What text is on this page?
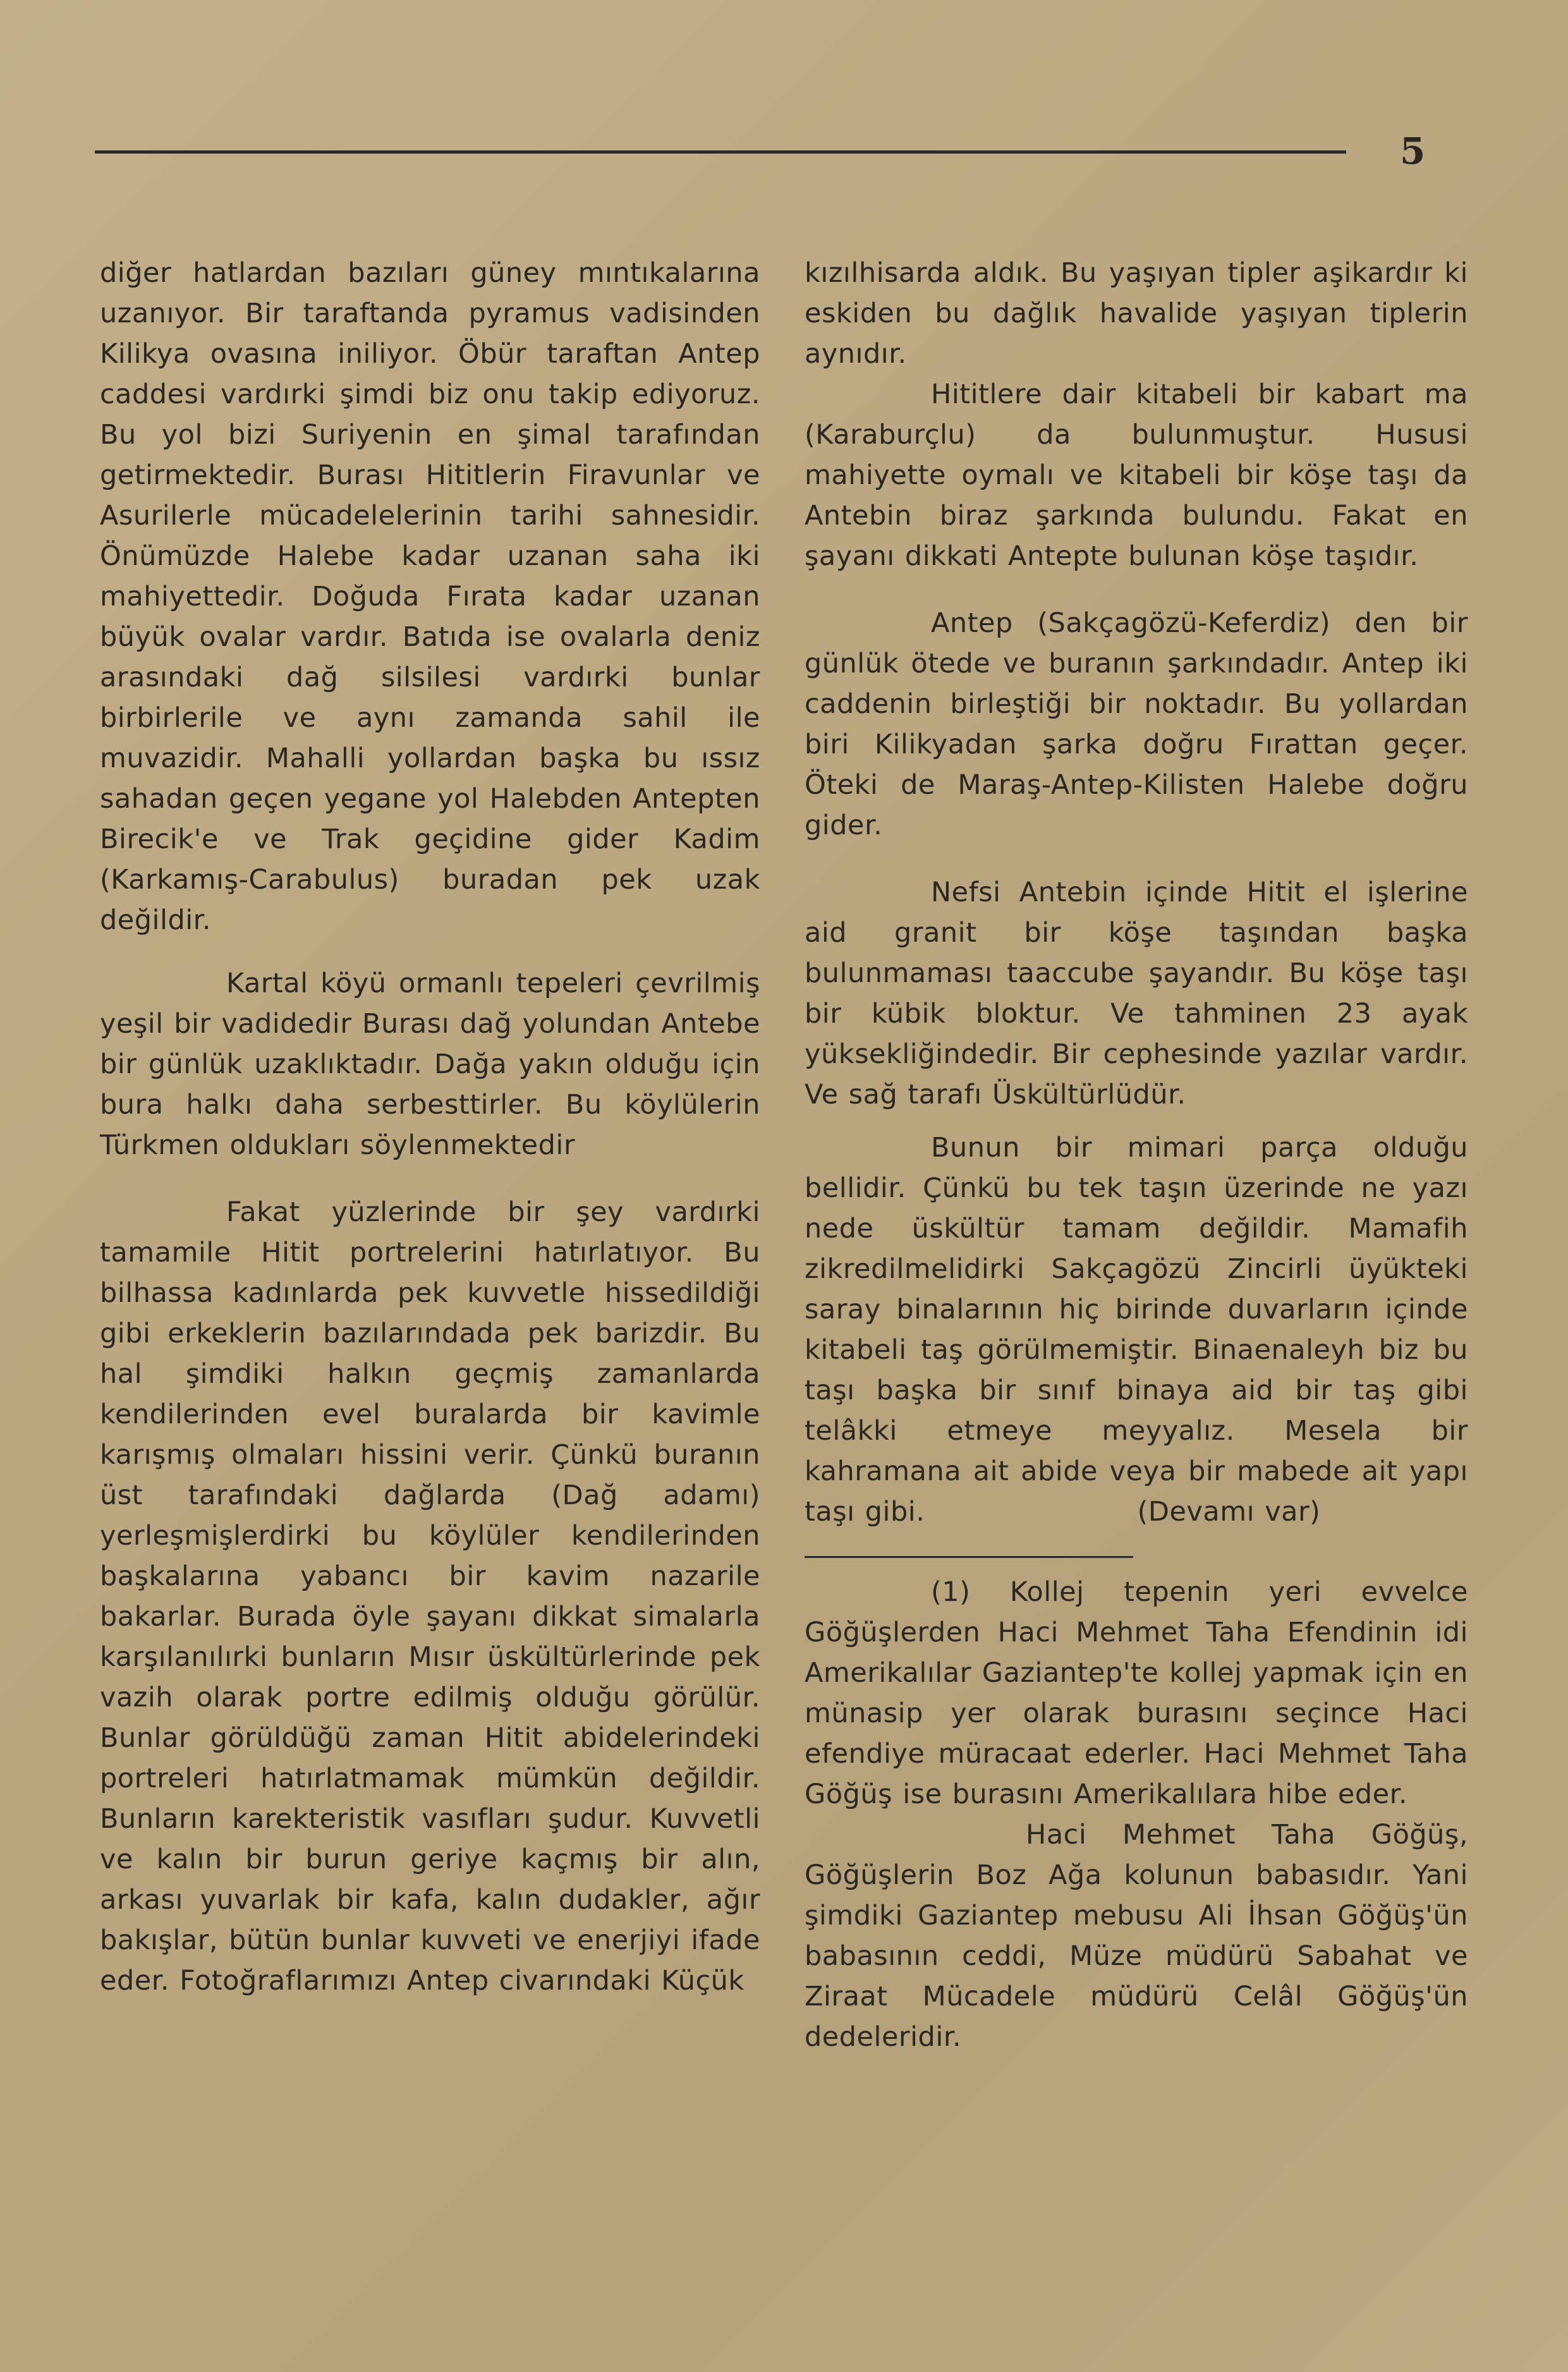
5

diğer hatlardan bazıları güney mıntıkalarına uzanıyor. Bir taraftanda pyramus vadisinden Kilikya ovasına iniliyor. Öbür taraftan Antep caddesi vardırki şimdi biz onu takip ediyoruz. Bu yol bizi Suriyenin en şimal tarafından getirmektedir. Burası Hititlerin Firavunlar ve Asurilerle mücadelelerinin tarihi sahnesidir. Önümüzde Halebe kadar uzanan saha iki mahiyettedir. Doğuda Fırata kadar uzanan büyük ovalar vardır. Batıda ise ovalarla deniz arasındaki dağ silsilesi vardırki bunlar birbirlerile ve aynı zamanda sahil ile muvazidir. Mahalli yollardan başka bu ıssız sahadan geçen yegane yol Halebden Antepten Birecik'e ve Trak geçidine gider Kadim (Karkamış-Carabulus) buradan pek uzak değildir.

Kartal köyü ormanlı tepeleri çevrilmiş yeşil bir vadidedir Burası dağ yolundan Antebe bir günlük uzaklıktadır. Dağa yakın olduğu için bura halkı daha serbesttirler. Bu köylülerin Türkmen oldukları söylenmektedir

Fakat yüzlerinde bir şey vardırki tamamile Hitit portrelerini hatırlatıyor. Bu bilhassa kadınlarda pek kuvvetle hissedildiği gibi erkeklerin bazılarındada pek barizdir. Bu hal şimdiki halkın geçmiş zamanlarda kendilerinden evel buralarda bir kavimle karışmış olmaları hissini verir. Çünkü buranın üst tarafındaki dağlarda (Dağ adamı) yerleşmişlerdirki bu köylüler kendilerinden başkalarına yabancı bir kavim nazarile bakarlar. Burada öyle şayanı dikkat simalarla karşılanılırki bunların Mısır üskültürlerinde pek vazih olarak portre edilmiş olduğu görülür. Bunlar görüldüğü zaman Hitit abidelerindeki portreleri hatırlatmamak mümkün değildir. Bunların karekteristik vasıfları şudur. Kuvvetli ve kalın bir burun geriye kaçmış bir alın, arkası yuvarlak bir kafa, kalın dudakler, ağır bakışlar, bütün bunlar kuvveti ve enerjiyi ifade eder. Fotoğraflarımızı Antep civarındaki Küçük

kızılhisarda aldık. Bu yaşıyan tipler aşikardır ki eskiden bu dağlık havalide yaşıyan tiplerin aynıdır.

Hititlere dair kitabeli bir kabart ma (Karaburçlu) da bulunmuştur. Hususi mahiyette oymalı ve kitabeli bir köşe taşı da Antebin biraz şarkında bulundu. Fakat en şayanı dikkati Antepte bulunan köşe taşıdır.

Antep (Sakçagözü-Keferdiz) den bir günlük ötede ve buranın şarkındadır. Antep iki caddenin birleştiği bir noktadır. Bu yollardan biri Kilikyadan şarka doğru Fırattan geçer. Öteki de Maraş-Antep-Kilisten Halebe doğru gider.

Nefsi Antebin içinde Hitit el işlerine aid granit bir köşe taşından başka bulunmaması taaccube şayandır. Bu köşe taşı bir kübik bloktur. Ve tahminen 23 ayak yüksekliğindedir. Bir cephesinde yazılar vardır. Ve sağ tarafı Üskültürlüdür.

Bunun bir mimari parça olduğu bellidir. Çünkü bu tek taşın üzerinde ne yazı nede üskültür tamam değildir. Mamafih zikredilmelidirki Sakçagözü Zincirli üyükteki saray binalarının hiç birinde duvarların içinde kitabeli taş görülmemiştir. Binaenaleyh biz bu taşı başka bir sınıf binaya aid bir taş gibi telâkki etmeye meyyalız. Mesela bir kahramana ait abide veya bir mabede ait yapı taşı gibi.	(Devamı var)

(1) Kollej tepenin yeri evvelce Göğüşlerden Haci Mehmet Taha Efendinin idi Amerikalılar Gaziantep'te kollej yapmak için en münasip yer olarak burasını seçince Haci efendiye müracaat ederler. Haci Mehmet Taha Göğüş ise burasını Amerikalılara hibe eder.

Haci Mehmet Taha Göğüş, Göğüşlerin Boz Ağa kolunun babasıdır. Yani şimdiki Gaziantep mebusu Ali İhsan Göğüş'ün babasının ceddi, Müze müdürü Sabahat ve Ziraat Mücadele müdürü Celâl Göğüş'ün dedeleridir.
